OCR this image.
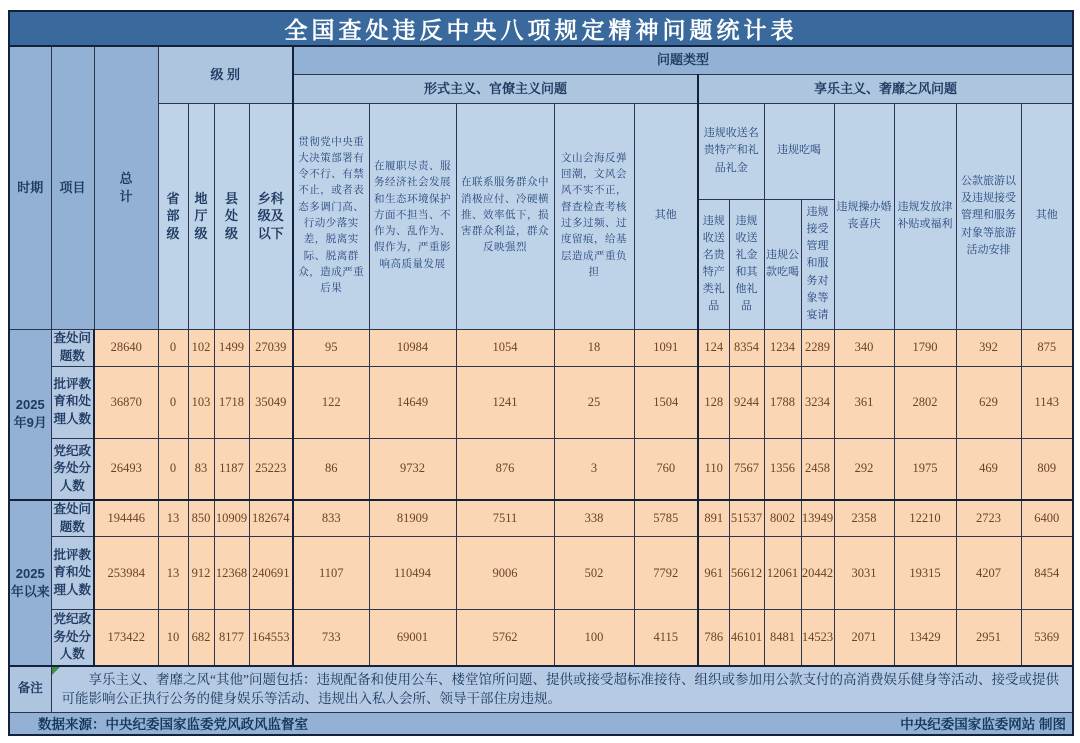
全国查处违反中央八项规定精神问题统计表																			
时期	项目	总计	级 别				问题类型												
							形式主义、官僚主义问题					享乐主义、奢靡之风问题							

			省部级	地厅级	县处级	乡科级及以下	贯彻党中央重大决策部署有令不行、有禁不止，或者表态多调门高、行动少落实差，脱离实际、脱离群众，造成严重后果	在履职尽责、服务经济社会发展和生态环境保护方面不担当、不作为、乱作为、假作为，严重影响高质量发展	在联系服务群众中消极应付、冷硬横推、效率低下，损害群众利益，群众反映强烈	文山会海反弹回潮，文风会风不实不正，督查检查考核过多过频、过度留痕，给基层造成严重负担	其他	违规收送名贵特产和礼品礼金		违规吃喝		违规操办婚丧喜庆	违规发放津补贴或福利	公款旅游以及违规接受管理和服务对象等旅游活动安排	其他
												违规收送名贵特产类礼品	违规收送礼金和其他礼品	违规公款吃喝	违规接受管理和服务对象等宴请				
2025年9月	查处问题数	28640	0	102	1499	27039	95	10984	1054	18	1091	124	8354	1234	2289	340	1790	392	875
	批评教育和处理人数	36870	0	103	1718	35049	122	14649	1241	25	1504	128	9244	1788	3234	361	2802	629	1143
	党纪政务处分人数	26493	0	83	1187	25223	86	9732	876	3	760	110	7567	1356	2458	292	1975	469	809
2025年以来	查处问题数	194446	13	850	10909	182674	833	81909	7511	338	5785	891	51537	8002	13949	2358	12210	2723	6400
	批评教育和处理人数	253984	13	912	12368	240691	1107	110494	9006	502	7792	961	56612	12061	20442	3031	19315	4207	8454
	党纪政务处分人数	173422	10	682	8177	164553	733	69001	5762	100	4115	786	46101	8481	14523	2071	13429	2951	5369
备注	享乐主义、奢靡之风“其他”问题包括：违规配备和使用公车、楼堂馆所问题、提供或接受超标准接待、组织或参加用公款支付的高消费娱乐健身等活动、接受或提供可能影响公正执行公务的健身娱乐等活动、违规出入私人会所、领导干部住房违规。																		

数据来源：中央纪委国家监委党风政风监督室 中央纪委国家监委网站 制图																			
